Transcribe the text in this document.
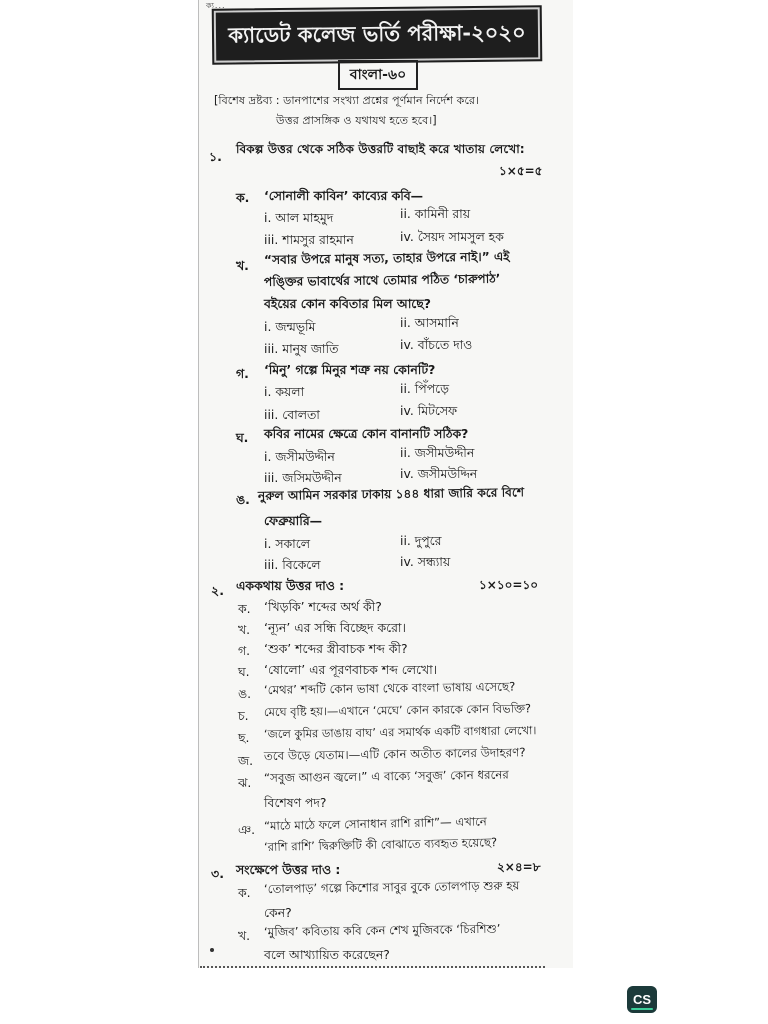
ক্য...
ক্যাডেট কলেজ ভর্তি পরীক্ষা-২০২০
বাংলা-৬০
[বিশেষ দ্রষ্টব্য : ডানপাশের সংখ্যা প্রশ্নের পূর্ণমান নির্দেশ করে।
উত্তর প্রাসঙ্গিক ও যথাযথ হতে হবে।]
১. বিকল্প উত্তর থেকে সঠিক উত্তরটি বাছাই করে খাতায় লেখো:
১×৫=৫
ক. ‘সোনালী কাবিন’ কাব্যের কবি—
i. আল মাহমুদ	ii. কামিনী রায়
iii. শামসুর রাহমান	iv. সৈয়দ সামসুল হক
খ. “সবার উপরে মানুষ সত্য, তাহার উপরে নাই।” এই
পঙ্ক্তির ভাবার্থের সাথে তোমার পঠিত ‘চারুপাঠ’
বইয়ের কোন কবিতার মিল আছে?
i. জন্মভূমি	ii. আসমানি
iii. মানুষ জাতি	iv. বাঁচতে দাও
গ. ‘মিনু’ গল্পে মিনুর শত্রু নয় কোনটি?
i. কয়লা	ii. পিঁপড়ে
iii. বোলতা	iv. মিটসেফ
ঘ. কবির নামের ক্ষেত্রে কোন বানানটি সঠিক?
i. জসীমউদ্দীন	ii. জসীমউদ্দীন
iii. জসিমউদ্দীন	iv. জসীমউদ্দিন
ঙ. নুরুল আমিন সরকার ঢাকায় ১৪৪ ধারা জারি করে বিশে
ফেব্রুয়ারি—
i. সকালে	ii. দুপুরে
iii. বিকেলে	iv. সন্ধ্যায়
২. এককথায় উত্তর দাও :	১×১০=১০
ক. ‘খিড়কি’ শব্দের অর্থ কী?
খ. ‘ন্যূন’ এর সন্ধি বিচ্ছেদ করো।
গ. ‘শুক’ শব্দের স্ত্রীবাচক শব্দ কী?
ঘ. ‘ষোলো’ এর পূরণবাচক শব্দ লেখো।
ঙ. ‘মেথর’ শব্দটি কোন ভাষা থেকে বাংলা ভাষায় এসেছে?
চ. মেঘে বৃষ্টি হয়।—এখানে ‘মেঘে’ কোন কারকে কোন বিভক্তি?
ছ. ‘জলে কুমির ডাঙায় বাঘ’ এর সমার্থক একটি বাগধারা লেখো।
জ. তবে উড়ে যেতাম।—এটি কোন অতীত কালের উদাহরণ?
ঝ. “সবুজ আগুন জ্বলে।” এ বাক্যে ‘সবুজ’ কোন ধরনের
বিশেষণ পদ?
ঞ. “মাঠে মাঠে ফলে সোনাধান রাশি রাশি”— এখানে
‘রাশি রাশি’ দ্বিরুক্তিটি কী বোঝাতে ব্যবহৃত হয়েছে?
৩. সংক্ষেপে উত্তর দাও :	২×৪=৮
ক. ‘তোলপাড়’ গল্পে কিশোর সাবুর বুকে তোলপাড় শুরু হয়
কেন?
খ. ‘মুজিব’ কবিতায় কবি কেন শেখ মুজিবকে ‘চিরশিশু’
বলে আখ্যায়িত করেছেন?
CS
